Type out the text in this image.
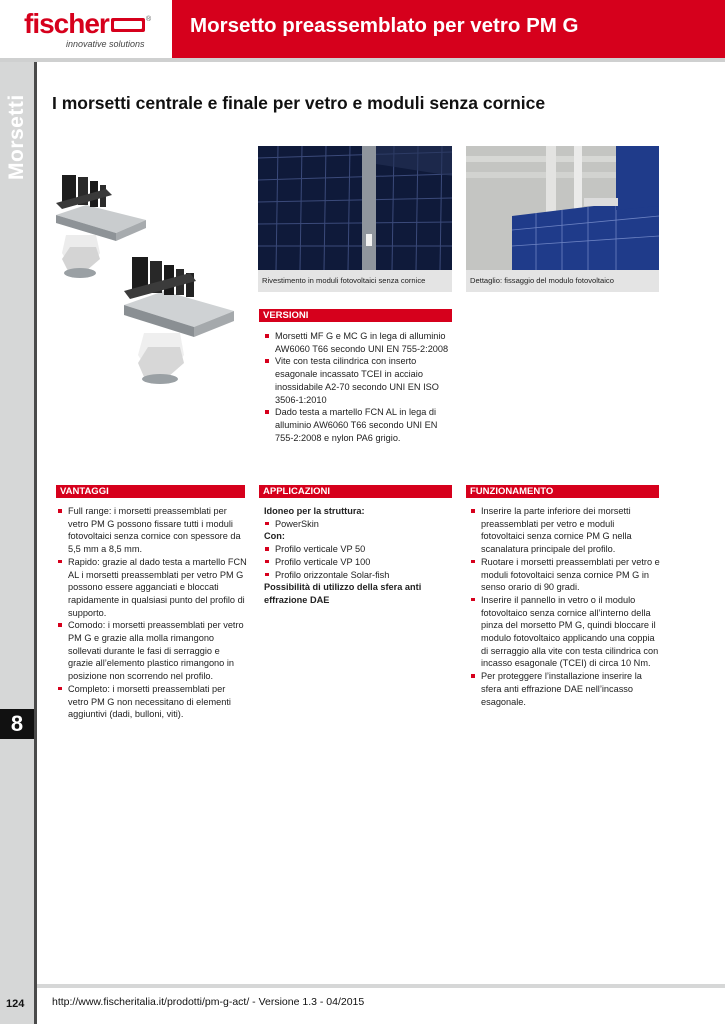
fischer	®
innovative solutions
Morsetto preassemblato per vetro PM G
Morsetti
8
124
I morsetti centrale e finale per vetro e moduli senza cornice
Rivestimento in moduli fotovoltaici senza cornice	Dettaglio: fissaggio del modulo fotovoltaico
VERSIONI
Morsetti MF G e MC G in lega di alluminio AW6060 T66 secondo UNI EN 755-2:2008
Vite con testa cilindrica con inserto esagonale incassato TCEI in acciaio inossidabile A2-70 secondo UNI EN ISO 3506-1:2010
Dado testa a martello FCN AL in lega di alluminio AW6060 T66 secondo UNI EN 755-2:2008 e nylon PA6 grigio.
VANTAGGI
Full range: i morsetti preassemblati per vetro PM G possono fissare tutti i moduli fotovoltaici senza cornice con spessore da 5,5 mm a 8,5 mm.
Rapido: grazie al dado testa a martello FCN AL i morsetti preassemblati per vetro PM G possono essere agganciati e bloccati rapidamente in qualsiasi punto del profilo di supporto.
Comodo: i morsetti preassemblati per vetro PM G e grazie alla molla rimangono sollevati durante le fasi di serraggio e grazie all’elemento plastico rimangono in posizione non scorrendo nel profilo.
Completo: i morsetti preassemblati per vetro PM G non necessitano di elementi aggiuntivi (dadi, bulloni, viti).
APPLICAZIONI
Idoneo per la struttura:
PowerSkin
Con:
Profilo verticale VP 50
Profilo verticale VP 100
Profilo orizzontale Solar-fish
Possibilità di utilizzo della sfera anti effrazione DAE
FUNZIONAMENTO
Inserire la parte inferiore dei morsetti preassemblati per vetro e moduli fotovoltaici senza cornice PM G nella scanalatura principale del profilo.
Ruotare i morsetti preassemblati per vetro e moduli fotovoltaici senza cornice PM G in senso orario di 90 gradi.
Inserire il pannello in vetro o il modulo fotovoltaico senza cornice all’interno della pinza del morsetto PM G, quindi bloccare il modulo fotovoltaico applicando una coppia di serraggio alla vite con testa cilindrica con incasso esagonale (TCEI) di circa 10 Nm.
Per proteggere l’installazione inserire la sfera anti effrazione DAE nell’incasso esagonale.
http://www.fischeritalia.it/prodotti/pm-g-act/ - Versione 1.3 - 04/2015
